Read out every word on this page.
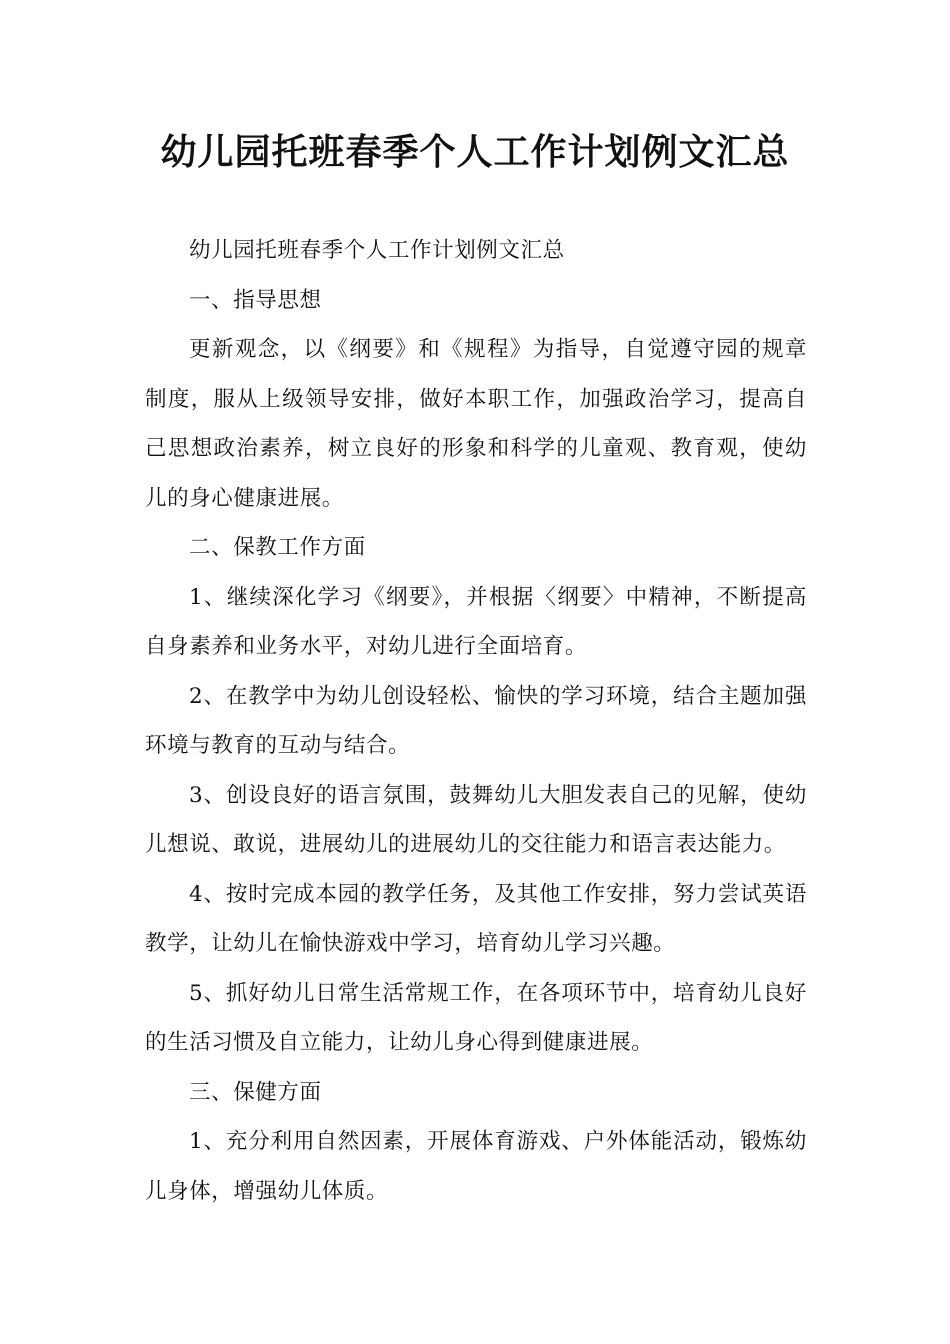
幼儿园托班春季个人工作计划例文汇总

幼儿园托班春季个人工作计划例文汇总

一、指导思想

更新观念，以《纲要》和《规程》为指导，自觉遵守园的规章制度，服从上级领导安排，做好本职工作，加强政治学习，提高自己思想政治素养，树立良好的形象和科学的儿童观、教育观，使幼儿的身心健康进展。

二、保教工作方面

1、继续深化学习《纲要》，并根据〈纲要〉中精神，不断提高自身素养和业务水平，对幼儿进行全面培育。

2、在教学中为幼儿创设轻松、愉快的学习环境，结合主题加强环境与教育的互动与结合。

3、创设良好的语言氛围，鼓舞幼儿大胆发表自己的见解，使幼儿想说、敢说，进展幼儿的进展幼儿的交往能力和语言表达能力。

4、按时完成本园的教学任务，及其他工作安排，努力尝试英语教学，让幼儿在愉快游戏中学习，培育幼儿学习兴趣。

5、抓好幼儿日常生活常规工作，在各项环节中，培育幼儿良好的生活习惯及自立能力，让幼儿身心得到健康进展。

三、保健方面

1、充分利用自然因素，开展体育游戏、户外体能活动，锻炼幼儿身体，增强幼儿体质。
